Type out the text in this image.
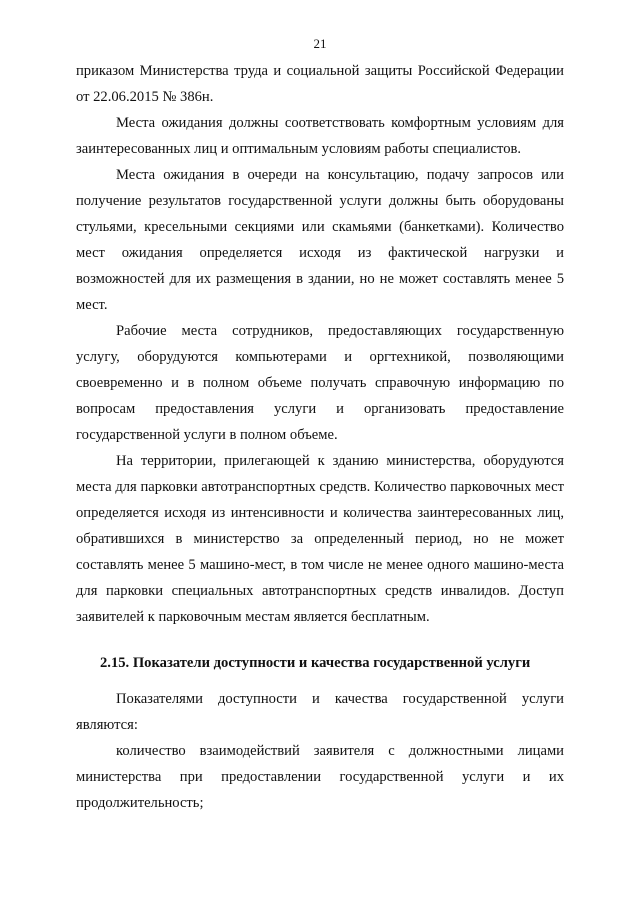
21

приказом Министерства труда и социальной защиты Российской Федерации от 22.06.2015 № 386н.

Места ожидания должны соответствовать комфортным условиям для заинтересованных лиц и оптимальным условиям работы специалистов.

Места ожидания в очереди на консультацию, подачу запросов или получение результатов государственной услуги должны быть оборудованы стульями, кресельными секциями или скамьями (банкетками). Количество мест ожидания определяется исходя из фактической нагрузки и возможностей для их размещения в здании, но не может составлять менее 5 мест.

Рабочие места сотрудников, предоставляющих государственную услугу, оборудуются компьютерами и оргтехникой, позволяющими своевременно и в полном объеме получать справочную информацию по вопросам предоставления услуги и организовать предоставление государственной услуги в полном объеме.

На территории, прилегающей к зданию министерства, оборудуются места для парковки автотранспортных средств. Количество парковочных мест определяется исходя из интенсивности и количества заинтересованных лиц, обратившихся в министерство за определенный период, но не может составлять менее 5 машино-мест, в том числе не менее одного машино-места для парковки специальных автотранспортных средств инвалидов. Доступ заявителей к парковочным местам является бесплатным.

2.15. Показатели доступности и качества государственной услуги

Показателями доступности и качества государственной услуги являются:

количество взаимодействий заявителя с должностными лицами министерства при предоставлении государственной услуги и их продолжительность;
